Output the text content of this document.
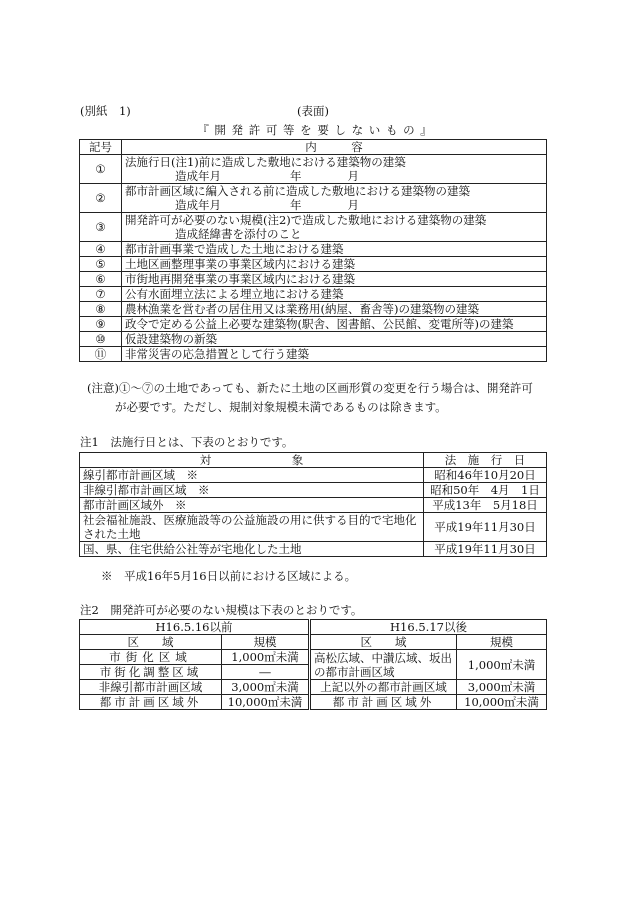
(別紙　1)	(表面)
『 開 発 許 可 等 を 要 し な い も の 』
記号	内　　　容
①	法施行日(注1)前に造成した敷地における建築物の建築
造成年月　　　　　　年　　　　月

②	都市計画区域に編入される前に造成した敷地における建築物の建築
造成年月　　　　　　年　　　　月

③	開発許可が必要のない規模(注2)で造成した敷地における建築物の建築
造成経緯書を添付のこと

④	都市計画事業で造成した土地における建築
⑤	土地区画整理事業の事業区域内における建築
⑥	市街地再開発事業の事業区域内における建築
⑦	公有水面埋立法による埋立地における建築
⑧	農林漁業を営む者の居住用又は業務用(納屋、畜舎等)の建築物の建築
⑨	政令で定める公益上必要な建築物(駅舎、図書館、公民館、変電所等)の建築
⑩	仮設建築物の新築
⑪	非常災害の応急措置として行う建築
(注意)①～⑦の土地であっても、新たに土地の区画形質の変更を行う場合は、開発許可
が必要です。ただし、規制対象規模未満であるものは除きます。
注1　法施行日とは、下表のとおりです。
対　　　　　　　象	法　施　行　日
線引都市計画区域　※	昭和46年10月20日
非線引都市計画区域　※	昭和50年　4月　1日
都市計画区域外　※	平成13年　5月18日
社会福祉施設、医療施設等の公益施設の用に供する目的で宅地化された土地	平成19年11月30日
国、県、住宅供給公社等が宅地化した土地	平成19年11月30日
※　平成16年5月16日以前における区域による。
注2　開発許可が必要のない規模は下表のとおりです。
H16.5.16以前		H16.5.17以後	
区　　域	規模	区　　域	規模
市街化区域	1,000㎡未満	高松広域、中讃広域、坂出の都市計画区域	1,000㎡未満
市街化調整区域	―		
非線引都市計画区域	3,000㎡未満	上記以外の都市計画区域	3,000㎡未満
都市計画区域外	10,000㎡未満	都市計画区域外	10,000㎡未満
